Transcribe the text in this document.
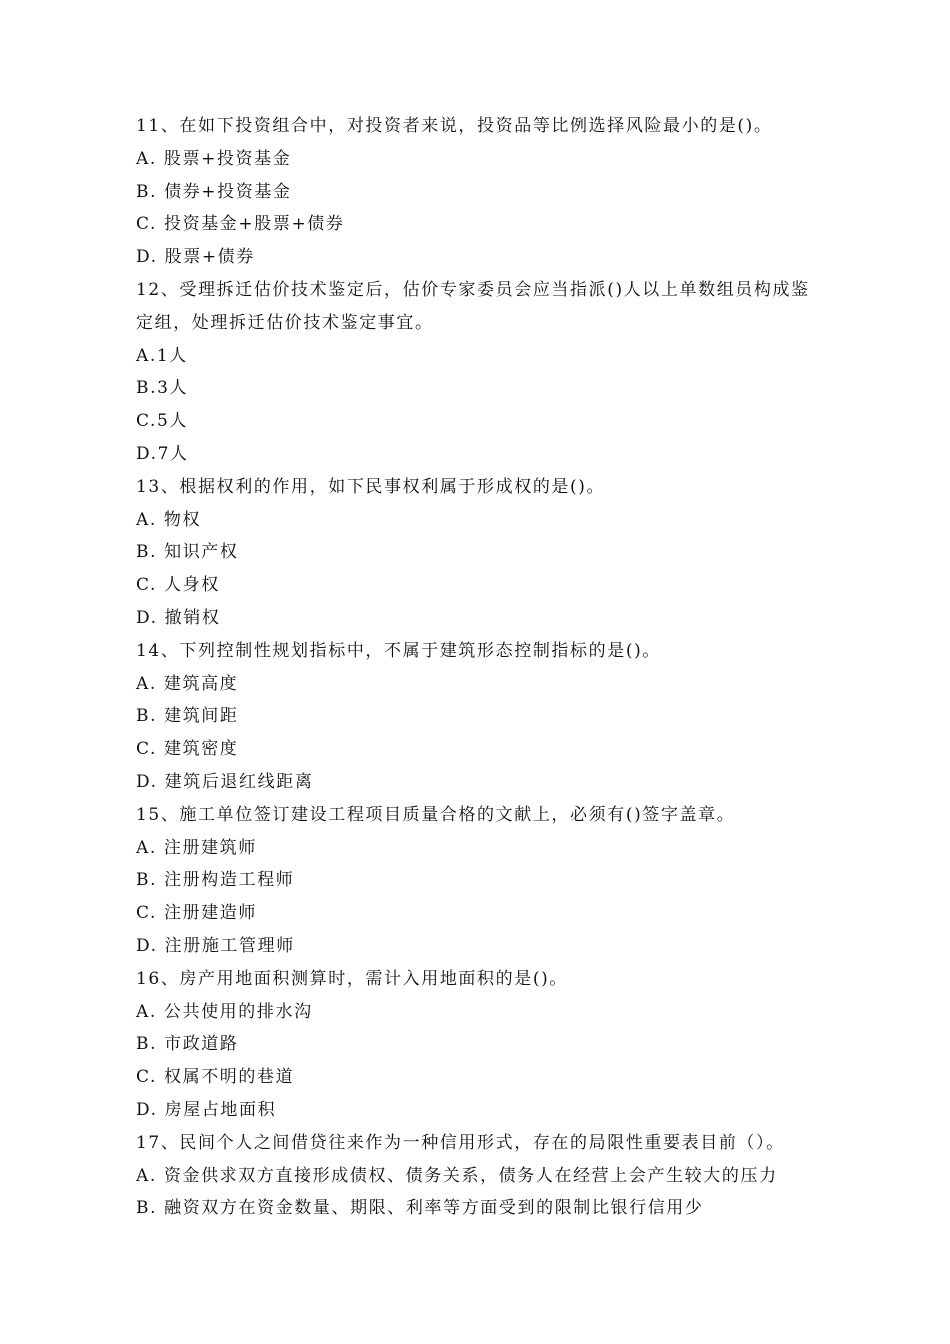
11、在如下投资组合中，对投资者来说，投资品等比例选择风险最小的是()。
A. 股票+投资基金
B. 债券+投资基金
C. 投资基金+股票+债券
D. 股票+债券
12、受理拆迁估价技术鉴定后，估价专家委员会应当指派()人以上单数组员构成鉴
定组，处理拆迁估价技术鉴定事宜。
A.1人
B.3人
C.5人
D.7人
13、根据权利的作用，如下民事权利属于形成权的是()。
A. 物权
B. 知识产权
C. 人身权
D. 撤销权
14、下列控制性规划指标中，不属于建筑形态控制指标的是()。
A. 建筑高度
B. 建筑间距
C. 建筑密度
D. 建筑后退红线距离
15、施工单位签订建设工程项目质量合格的文献上，必须有()签字盖章。
A. 注册建筑师
B. 注册构造工程师
C. 注册建造师
D. 注册施工管理师
16、房产用地面积测算时，需计入用地面积的是()。
A. 公共使用的排水沟
B. 市政道路
C. 权属不明的巷道
D. 房屋占地面积
17、民间个人之间借贷往来作为一种信用形式，存在的局限性重要表目前（）。
A. 资金供求双方直接形成债权、债务关系，债务人在经营上会产生较大的压力
B. 融资双方在资金数量、期限、利率等方面受到的限制比银行信用少
